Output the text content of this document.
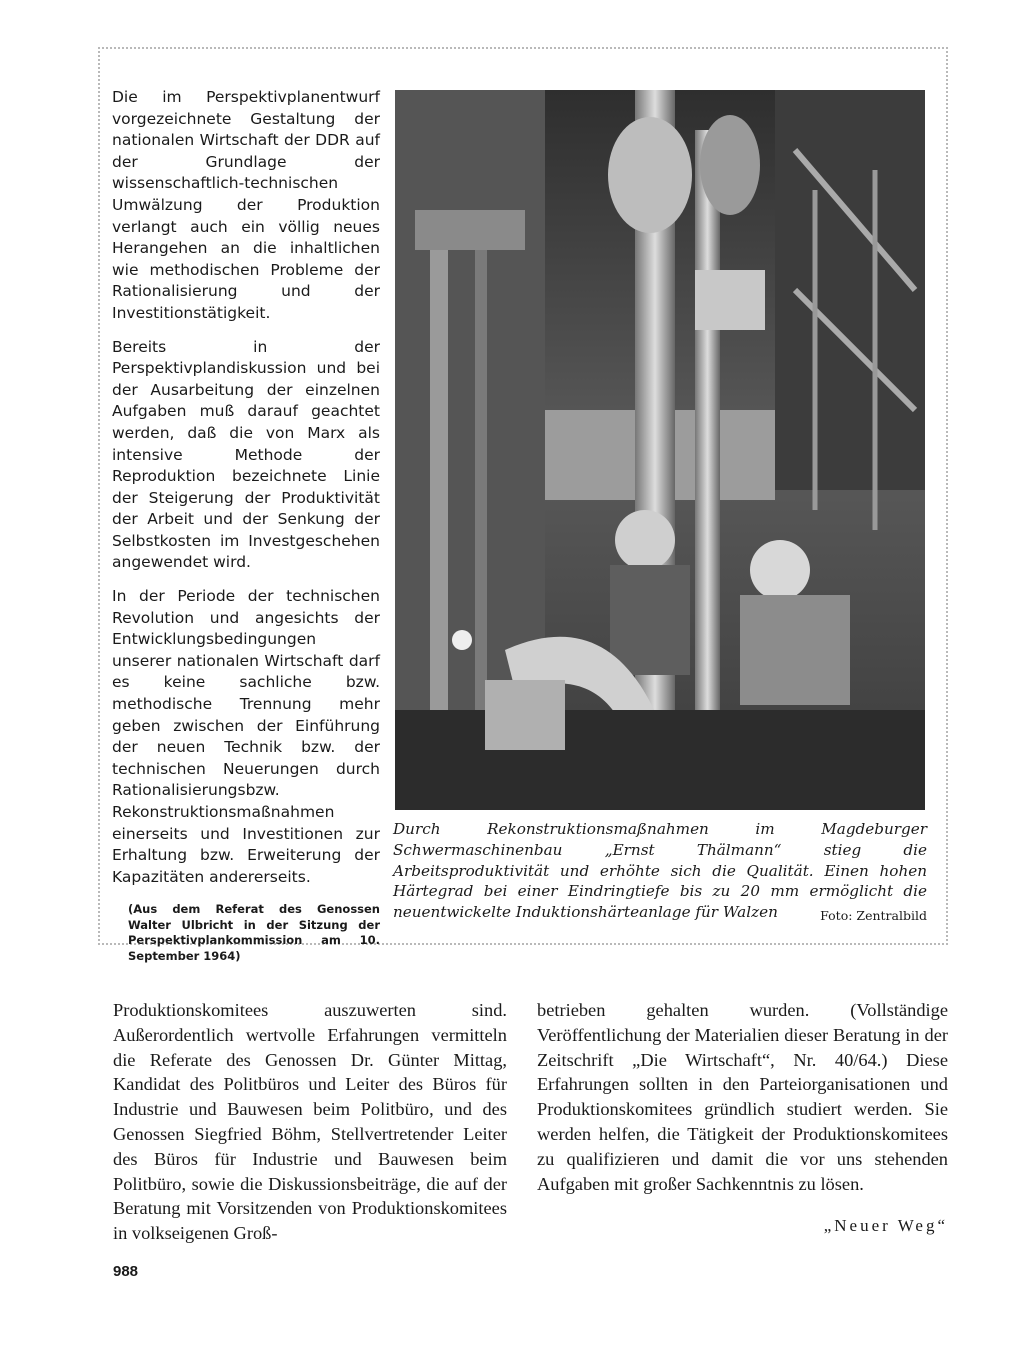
Die im Perspektivplanentwurf vorgezeichnete Gestaltung der nationalen Wirtschaft der DDR auf der Grundlage der wissenschaftlich-technischen Umwälzung der Produktion verlangt auch ein völlig neues Herangehen an die inhaltlichen wie methodischen Probleme der Rationalisierung und der Investitionstätigkeit.

Bereits in der Perspektivplandiskussion und bei der Ausarbeitung der einzelnen Aufgaben muß darauf geachtet werden, daß die von Marx als intensive Methode der Reproduktion bezeichnete Linie der Steigerung der Produktivität der Arbeit und der Senkung der Selbstkosten im Investgeschehen angewendet wird.

In der Periode der technischen Revolution und angesichts der Entwicklungsbedingungen unserer nationalen Wirtschaft darf es keine sachliche bzw. methodische Trennung mehr geben zwischen der Einführung der neuen Technik bzw. der technischen Neuerungen durch Rationalisierungsbzw. Rekonstruktionsmaßnahmen einerseits und Investitionen zur Erhaltung bzw. Erweiterung der Kapazitäten andererseits.

(Aus dem Referat des Genossen Walter Ulbricht in der Sitzung der Perspektivplankommission am 10. September 1964)
Durch Rekonstruktionsmaßnahmen im Magdeburger Schwermaschinenbau „Ernst Thälmann“ stieg die Arbeitsproduktivität und erhöhte sich die Qualität. Einen hohen Härtegrad bei einer Eindringtiefe bis zu 20 mm ermöglicht die neuentwickelte Induktionshärteanlage für Walzen	Foto: Zentralbild

Produktionskomitees auszuwerten sind. Außerordentlich wertvolle Erfahrungen vermitteln die Referate des Genossen Dr. Günter Mittag, Kandidat des Politbüros und Leiter des Büros für Industrie und Bauwesen beim Politbüro, und des Genossen Siegfried Böhm, Stellvertretender Leiter des Büros für Industrie und Bauwesen beim Politbüro, sowie die Diskussionsbeiträge, die auf der Beratung mit Vorsitzenden von Produktionskomitees in volkseigenen Groß-

betrieben gehalten wurden. (Vollständige Veröffentlichung der Materialien dieser Beratung in der Zeitschrift „Die Wirtschaft“, Nr. 40/64.) Diese Erfahrungen sollten in den Parteiorganisationen und Produktionskomitees gründlich studiert werden. Sie werden helfen, die Tätigkeit der Produktionskomitees zu qualifizieren und damit die vor uns stehenden Aufgaben mit großer Sachkenntnis zu lösen.

„Neuer Weg“
988
